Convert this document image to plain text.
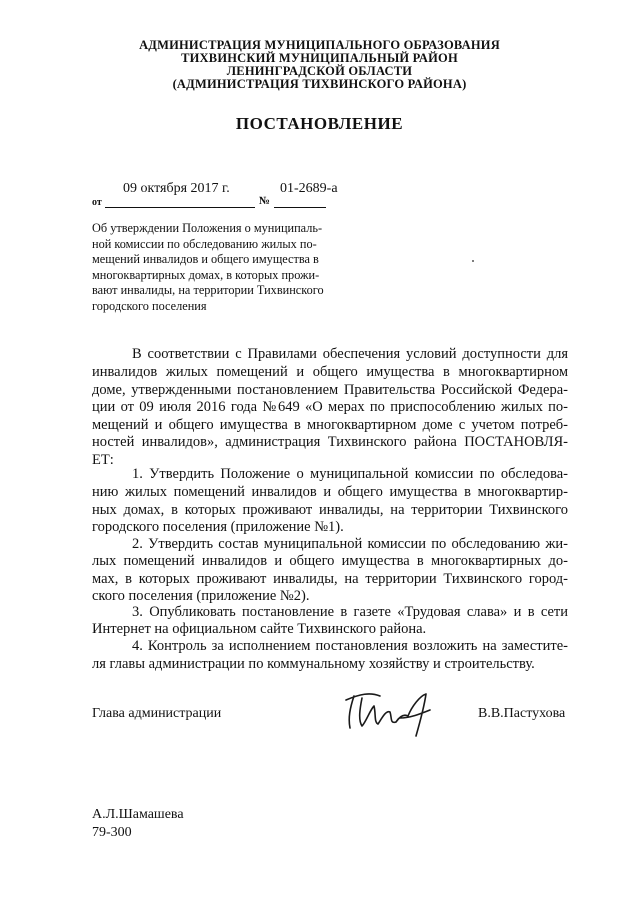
АДМИНИСТРАЦИЯ МУНИЦИПАЛЬНОГО ОБРАЗОВАНИЯ
ТИХВИНСКИЙ МУНИЦИПАЛЬНЫЙ РАЙОН
ЛЕНИНГРАДСКОЙ ОБЛАСТИ
(АДМИНИСТРАЦИЯ ТИХВИНСКОГО РАЙОНА)
ПОСТАНОВЛЕНИЕ
09 октября 2017 г.	01-2689-а
от	№
Об утверждении Положения о муниципаль-
ной комиссии по обследованию жилых по-
мещений инвалидов и общего имущества в
многоквартирных домах, в которых прожи-
вают инвалиды, на территории Тихвинского
городского поселения
В соответствии с Правилами обеспечения условий доступности для
инвалидов жилых помещений и общего имущества в многоквартирном
доме, утвержденными постановлением Правительства Российской Федера-
ции от 09 июля 2016 года №649 «О мерах по приспособлению жилых по-
мещений и общего имущества в многоквартирном доме с учетом потреб-
ностей инвалидов», администрация Тихвинского района ПОСТАНОВЛЯ-
ЕТ:
1. Утвердить Положение о муниципальной комиссии по обследова-
нию жилых помещений инвалидов и общего имущества в многоквартир-
ных домах, в которых проживают инвалиды, на территории Тихвинского
городского поселения (приложение №1).
2. Утвердить состав муниципальной комиссии по обследованию жи-
лых помещений инвалидов и общего имущества в многоквартирных до-
мах, в которых проживают инвалиды, на территории Тихвинского город-
ского поселения (приложение №2).
3. Опубликовать постановление в газете «Трудовая слава» и в сети
Интернет на официальном сайте Тихвинского района.
4. Контроль за исполнением постановления возложить на заместите-
ля главы администрации по коммунальному хозяйству и строительству.
Глава администрации	В.В.Пастухова
А.Л.Шамашева
79-300
